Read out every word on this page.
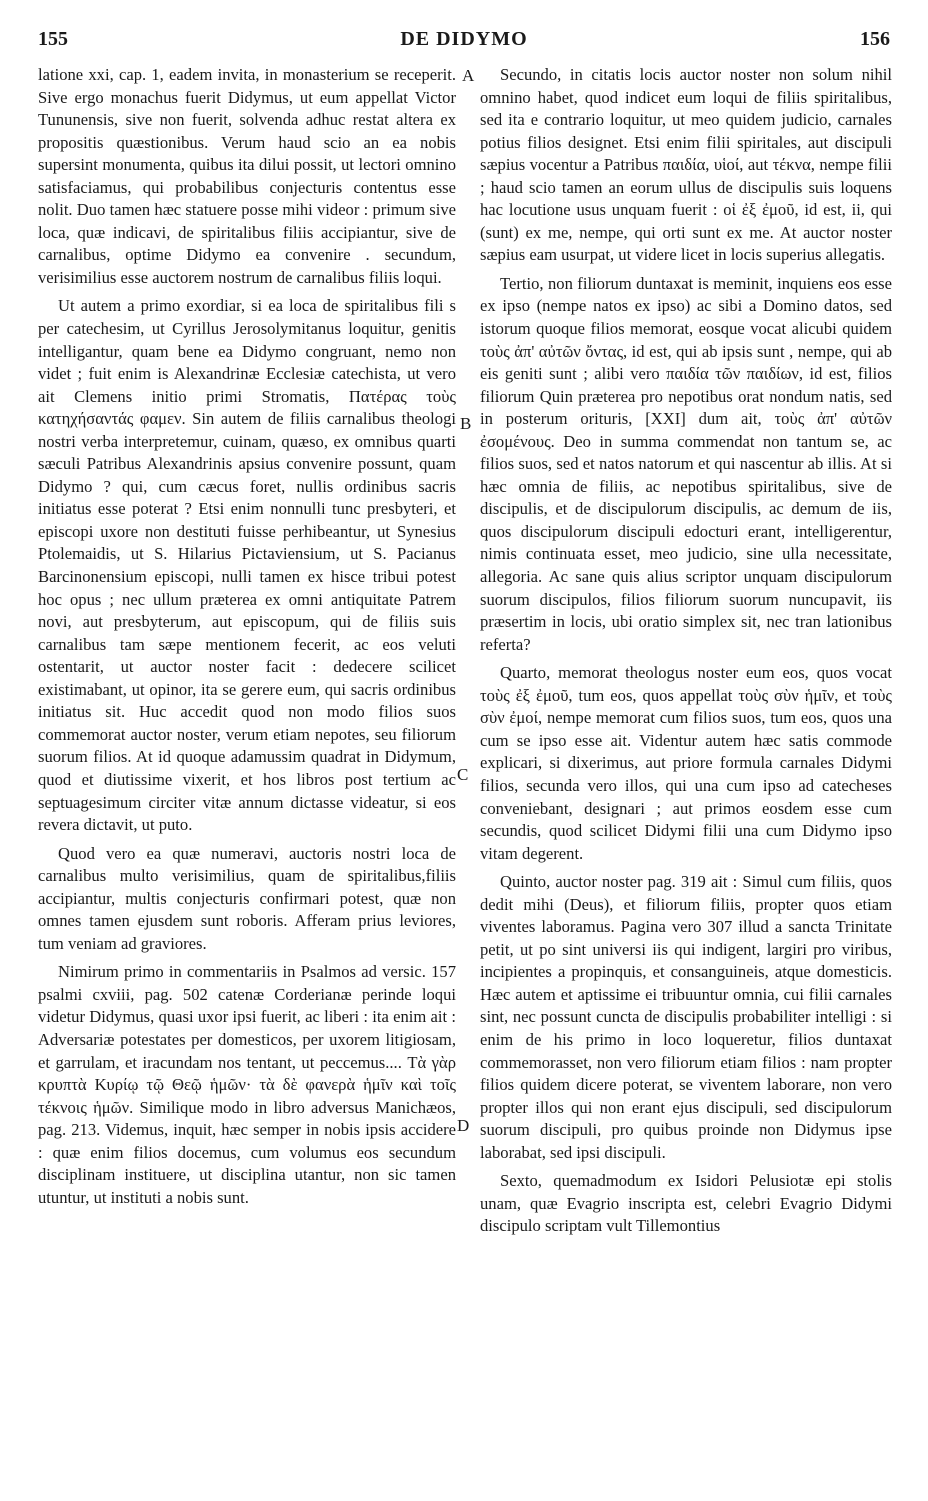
155	DE DIDYMO	156
A
B
C
D

latione xxi, cap. 1, eadem invita, in monasterium se receperit. Sive ergo monachus fuerit Didymus, ut eum appellat Victor Tununensis, sive non fuerit, solvenda adhuc restat altera ex propositis quæstionibus. Verum haud scio an ea nobis supersint monumenta, quibus ita dilui possit, ut lectori omnino satisfaciamus, qui probabilibus conjecturis contentus esse nolit. Duo tamen hæc statuere posse mihi videor : primum sive loca, quæ indicavi, de spiritalibus filiis accipiantur, sive de carnalibus, optime Didymo ea convenire . secundum, verisimilius esse auctorem nostrum de carnalibus filiis loqui.

Ut autem a primo exordiar, si ea loca de spiritalibus fili s per catechesim, ut Cyrillus Jerosolymitanus loquitur, genitis intelligantur, quam bene ea Didymo congruant, nemo non videt ; fuit enim is Alexandrinæ Ecclesiæ catechista, ut vero ait Clemens initio primi Stromatis, Πατέρας τοὺς κατηχήσαντάς φαμεν. Sin autem de filiis carnalibus theologi nostri verba interpretemur, cuinam, quæso, ex omnibus quarti sæculi Patribus Alexandrinis apsius convenire possunt, quam Didymo ? qui, cum cæcus foret, nullis ordinibus sacris initiatus esse poterat ? Etsi enim nonnulli tunc presbyteri, et episcopi uxore non destituti fuisse perhibeantur, ut Synesius Ptolemaidis, ut S. Hilarius Pictaviensium, ut S. Pacianus Barcinonensium episcopi, nulli tamen ex hisce tribui potest hoc opus ; nec ullum præterea ex omni antiquitate Patrem novi, aut presbyterum, aut episcopum, qui de filiis suis carnalibus tam sæpe mentionem fecerit, ac eos veluti ostentarit, ut auctor noster facit : dedecere scilicet existimabant, ut opinor, ita se gerere eum, qui sacris ordinibus initiatus sit. Huc accedit quod non modo filios suos commemorat auctor noster, verum etiam nepotes, seu filiorum suorum filios. At id quoque adamussim quadrat in Didymum, quod et diutissime vixerit, et hos libros post tertium ac septuagesimum circiter vitæ annum dictasse videatur, si eos revera dictavit, ut puto.

Quod vero ea quæ numeravi, auctoris nostri loca de carnalibus multo verisimilius, quam de spiritalibus,filiis accipiantur, multis conjecturis confirmari potest, quæ non omnes tamen ejusdem sunt roboris. Afferam prius leviores, tum veniam ad graviores.

Nimirum primo in commentariis in Psalmos ad versic. 157 psalmi cxviii, pag. 502 catenæ Corderianæ perinde loqui videtur Didymus, quasi uxor ipsi fuerit, ac liberi : ita enim ait : Adversariæ potestates per domesticos, per uxorem litigiosam, et garrulam, et iracundam nos tentant, ut peccemus.... Τὰ γὰρ κρυπτὰ Κυρίῳ τῷ Θεῷ ἡμῶν· τὰ δὲ φανερὰ ἡμῖν καὶ τοῖς τέκνοις ἡμῶν. Similique modo in libro adversus Manichæos, pag. 213. Videmus, inquit, hæc semper in nobis ipsis accidere : quæ enim filios docemus, cum volumus eos secundum disciplinam instituere, ut disciplina utantur, non sic tamen utuntur, ut instituti a nobis sunt.

Secundo, in citatis locis auctor noster non solum nihil omnino habet, quod indicet eum loqui de filiis spiritalibus, sed ita e contrario loquitur, ut meo quidem judicio, carnales potius filios designet. Etsi enim filii spiritales, aut discipuli sæpius vocentur a Patribus παιδία, υἱοί, aut τέκνα, nempe filii ; haud scio tamen an eorum ullus de discipulis suis loquens hac locutione usus unquam fuerit : οἱ ἐξ ἐμοῦ, id est, ii, qui (sunt) ex me, nempe, qui orti sunt ex me. At auctor noster sæpius eam usurpat, ut videre licet in locis superius allegatis.

Tertio, non filiorum duntaxat is meminit, inquiens eos esse ex ipso (nempe natos ex ipso) ac sibi a Domino datos, sed istorum quoque filios memorat, eosque vocat alicubi quidem τοὺς ἀπ' αὐτῶν ὄντας, id est, qui ab ipsis sunt , nempe, qui ab eis geniti sunt ; alibi vero παιδία τῶν παιδίων, id est, filios filiorum Quin præterea pro nepotibus orat nondum natis, sed in posterum orituris, [XXI] dum ait, τοὺς ἀπ' αὐτῶν ἐσομένους. Deo in summa commendat non tantum se, ac filios suos, sed et natos natorum et qui nascentur ab illis. At si hæc omnia de filiis, ac nepotibus spiritalibus, sive de discipulis, et de discipulorum discipulis, ac demum de iis, quos discipulorum discipuli edocturi erant, intelligerentur, nimis continuata esset, meo judicio, sine ulla necessitate, allegoria. Ac sane quis alius scriptor unquam discipulorum suorum discipulos, filios filiorum suorum nuncupavit, iis præsertim in locis, ubi oratio simplex sit, nec tran lationibus referta?

Quarto, memorat theologus noster eum eos, quos vocat τοὺς ἐξ ἐμοῦ, tum eos, quos appellat τοὺς σὺν ἡμῖν, et τοὺς σὺν ἐμοί, nempe memorat cum filios suos, tum eos, quos una cum se ipso esse ait. Videntur autem hæc satis commode explicari, si dixerimus, aut priore formula carnales Didymi filios, secunda vero illos, qui una cum ipso ad catecheses conveniebant, designari ; aut primos eosdem esse cum secundis, quod scilicet Didymi filii una cum Didymo ipso vitam degerent.

Quinto, auctor noster pag. 319 ait : Simul cum filiis, quos dedit mihi (Deus), et filiorum filiis, propter quos etiam viventes laboramus. Pagina vero 307 illud a sancta Trinitate petit, ut po sint universi iis qui indigent, largiri pro viribus, incipientes a propinquis, et consanguineis, atque domesticis. Hæc autem et aptissime ei tribuuntur omnia, cui filii carnales sint, nec possunt cuncta de discipulis probabiliter intelligi : si enim de his primo in loco loqueretur, filios duntaxat commemorasset, non vero filiorum etiam filios : nam propter filios quidem dicere poterat, se viventem laborare, non vero propter illos qui non erant ejus discipuli, sed discipulorum suorum discipuli, pro quibus proinde non Didymus ipse laborabat, sed ipsi discipuli.

Sexto, quemadmodum ex Isidori Pelusiotæ epi stolis unam, quæ Evagrio inscripta est, celebri Evagrio Didymi discipulo scriptam vult Tillemontius
